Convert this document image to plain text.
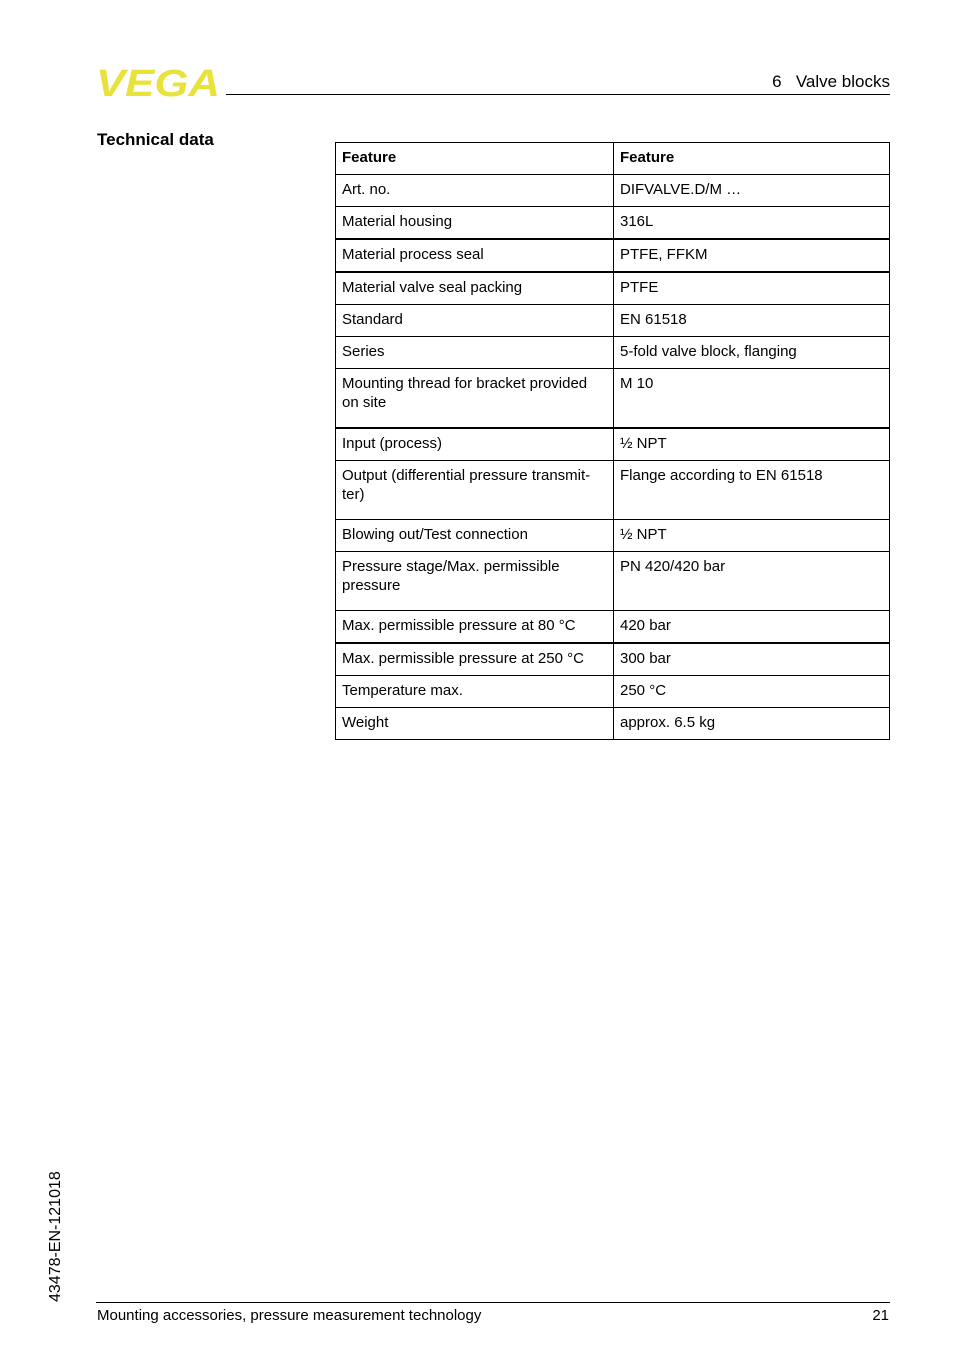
VEGA	6 Valve blocks
Technical data
Feature	Feature
Art. no.	DIFVALVE.D/M …
Material housing	316L
Material process seal	PTFE, FFKM
Material valve seal packing	PTFE
Standard	EN 61518
Series	5-fold valve block, flanging
Mounting thread for bracket provided on site	M 10
Input (process)	½ NPT
Output (differential pressure transmit-ter)	Flange according to EN 61518
Blowing out/Test connection	½ NPT
Pressure stage/Max. permissible pressure	PN 420/420 bar
Max. permissible pressure at 80 °C	420 bar
Max. permissible pressure at 250 °C	300 bar
Temperature max.	250 °C
Weight	approx. 6.5 kg
43478-EN-121018
Mounting accessories, pressure measurement technology	21
